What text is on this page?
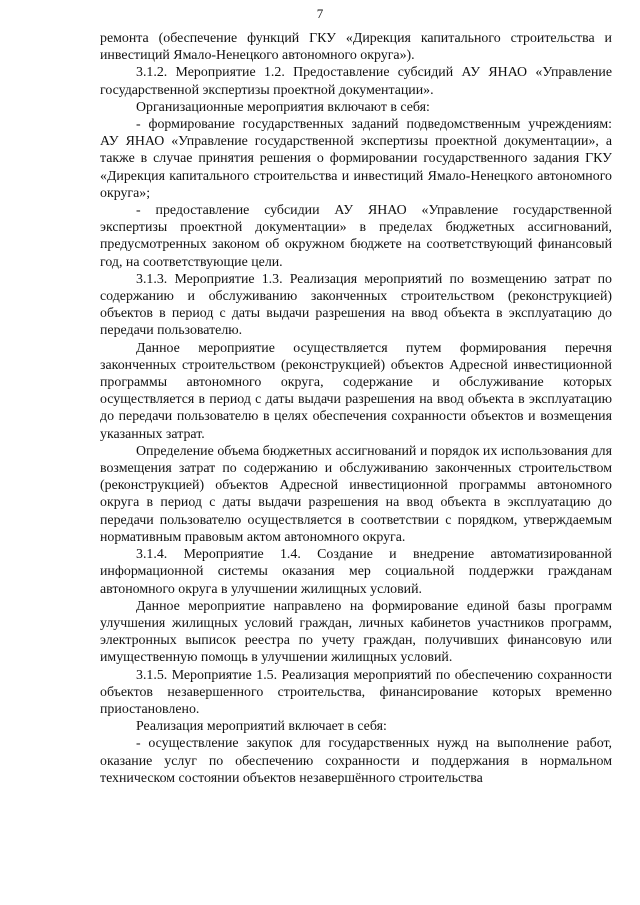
7

ремонта (обеспечение функций ГКУ «Дирекция капитального строительства и инвестиций Ямало-Ненецкого автономного округа»).

3.1.2. Мероприятие 1.2. Предоставление субсидий АУ ЯНАО «Управление государственной экспертизы проектной документации».

Организационные мероприятия включают в себя:

- формирование государственных заданий подведомственным учреждениям: АУ ЯНАО «Управление государственной экспертизы проектной документации», а также в случае принятия решения о формировании государственного задания ГКУ «Дирекция капитального строительства и инвестиций Ямало-Ненецкого автономного округа»;

- предоставление субсидии АУ ЯНАО «Управление государственной экспертизы проектной документации» в пределах бюджетных ассигнований, предусмотренных законом об окружном бюджете на соответствующий финансовый год, на соответствующие цели.

3.1.3. Мероприятие 1.3. Реализация мероприятий по возмещению затрат по содержанию и обслуживанию законченных строительством (реконструкцией) объектов в период с даты выдачи разрешения на ввод объекта в эксплуатацию до передачи пользователю.

Данное мероприятие осуществляется путем формирования перечня законченных строительством (реконструкцией) объектов Адресной инвестиционной программы автономного округа, содержание и обслуживание которых осуществляется в период с даты выдачи разрешения на ввод объекта в эксплуатацию до передачи пользователю в целях обеспечения сохранности объектов и возмещения указанных затрат.

Определение объема бюджетных ассигнований и порядок их использования для возмещения затрат по содержанию и обслуживанию законченных строительством (реконструкцией) объектов Адресной инвестиционной программы автономного округа в период с даты выдачи разрешения на ввод объекта в эксплуатацию до передачи пользователю осуществляется в соответствии с порядком, утверждаемым нормативным правовым актом автономного округа.

3.1.4. Мероприятие 1.4. Создание и внедрение автоматизированной информационной системы оказания мер социальной поддержки гражданам автономного округа в улучшении жилищных условий.

Данное мероприятие направлено на формирование единой базы программ улучшения жилищных условий граждан, личных кабинетов участников программ, электронных выписок реестра по учету граждан, получивших финансовую или имущественную помощь в улучшении жилищных условий.

3.1.5. Мероприятие 1.5. Реализация мероприятий по обеспечению сохранности объектов незавершенного строительства, финансирование которых временно приостановлено.

Реализация мероприятий включает в себя:

- осуществление закупок для государственных нужд на выполнение работ, оказание услуг по обеспечению сохранности и поддержания в нормальном техническом состоянии объектов незавершённого строительства
